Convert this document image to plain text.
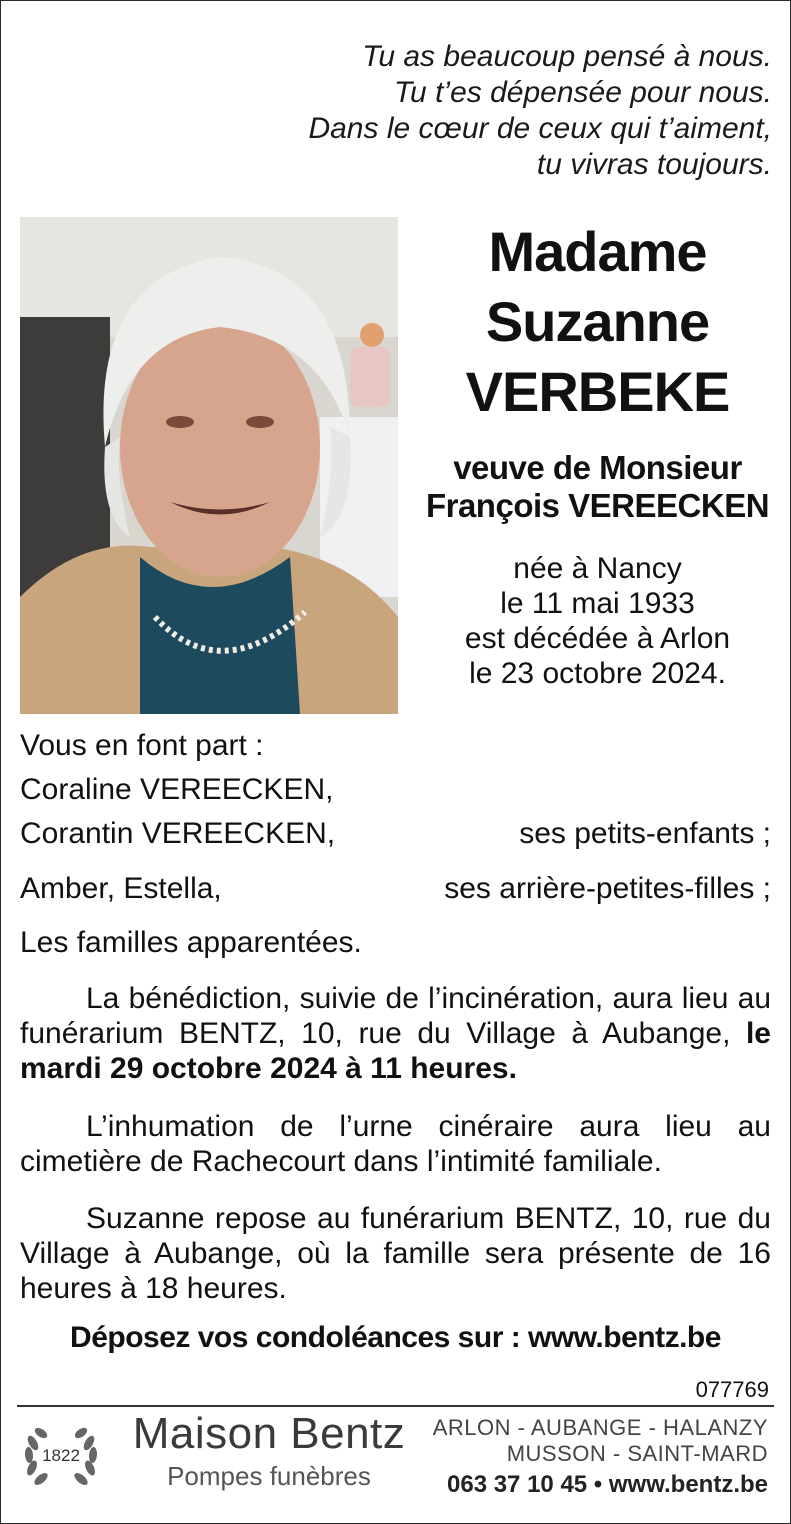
Tu as beaucoup pensé à nous.
Tu t’es dépensée pour nous.
Dans le cœur de ceux qui t’aiment,
tu vivras toujours.
Madame
Suzanne
VERBEKE
veuve de Monsieur
François VEREECKEN
née à Nancy
le 11 mai 1933
est décédée à Arlon
le 23 octobre 2024.
Vous en font part :
Coraline VEREECKEN,
Corantin VEREECKEN,	ses petits-enfants ;
Amber, Estella,	ses arrière-petites-filles ;
Les familles apparentées.
La bénédiction, suivie de l’incinération, aura lieu au funérarium BENTZ, 10, rue du Village à Aubange, le mardi 29 octobre 2024 à 11 heures.
L’inhumation de l’urne cinéraire aura lieu au cimetière de Rachecourt dans l’intimité familiale.
Suzanne repose au funérarium BENTZ, 10, rue du Village à Aubange, où la famille sera présente de 16 heures à 18 heures.
Déposez vos condoléances sur : www.bentz.be
077769
1822 Maison Bentz
Pompes funèbres
ARLON - AUBANGE - HALANZY
MUSSON - SAINT-MARD
063 37 10 45 • www.bentz.be
